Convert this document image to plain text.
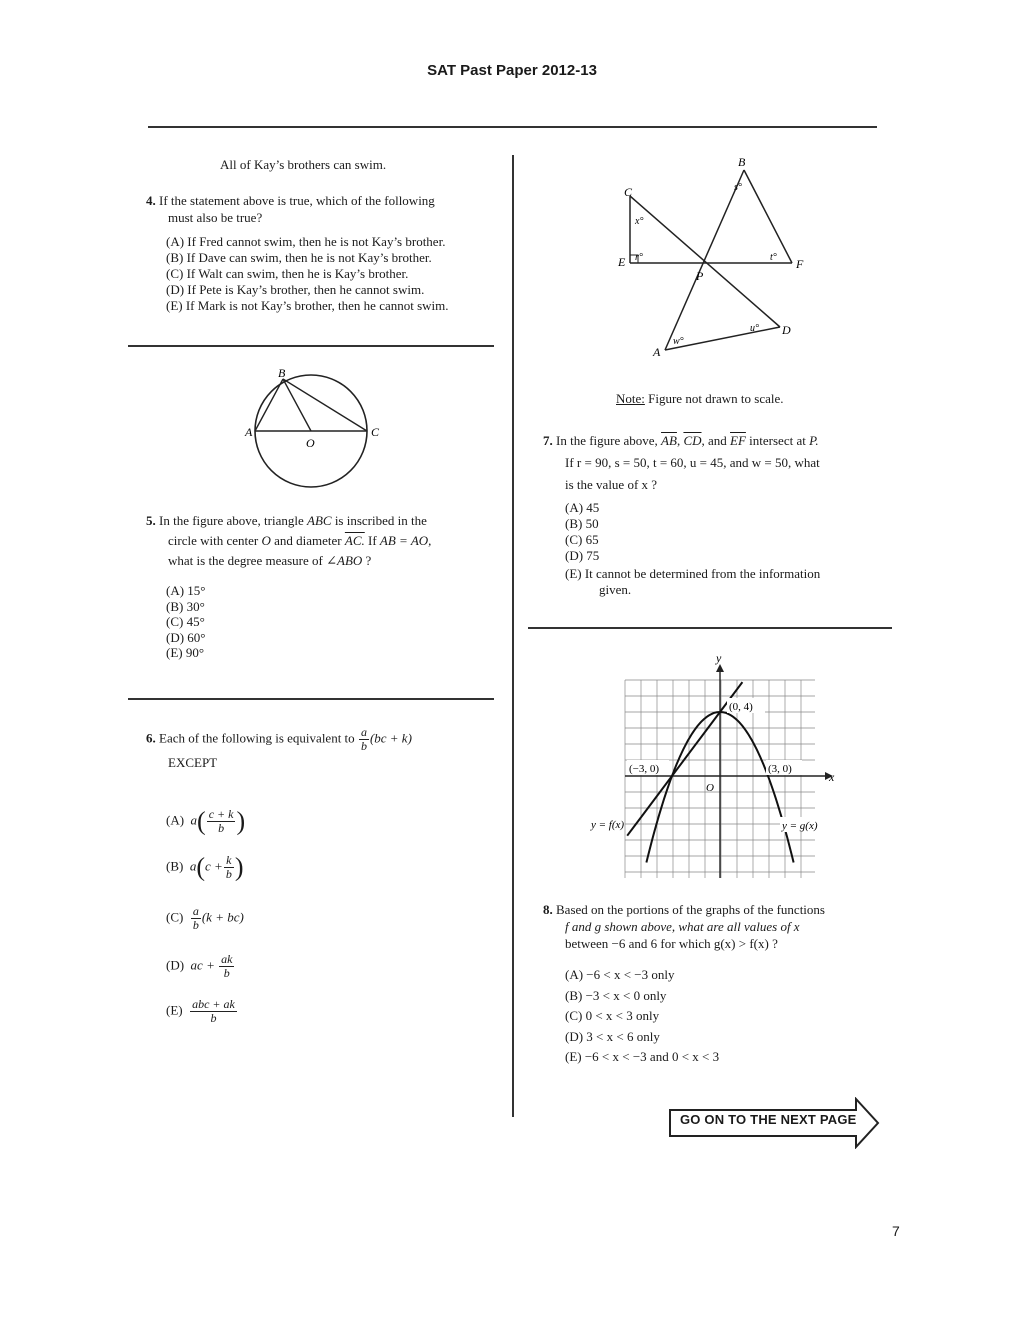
SAT Past Paper 2012-13
All of Kay’s brothers can swim.
4. If the statement above is true, which of the following
must also be true?
(A) If Fred cannot swim, then he is not Kay’s brother.
(B) If Dave can swim, then he is not Kay’s brother.
(C) If Walt can swim, then he is Kay’s brother.
(D) If Pete is Kay’s brother, then he cannot swim.
(E) If Mark is not Kay’s brother, then he cannot swim.
B
A
O
C
5. In the figure above, triangle ABC is inscribed in the
circle with center O and diameter AC. If AB = AO,
what is the degree measure of ∠ABO ?
(A) 15°
(B) 30°
(C) 45°
(D) 60°
(E) 90°
6. Each of the following is equivalent to $\frac{a}{b} (bc + k)$
EXCEPT
(A) $a( \frac{c + k}{b}$ )
(B) $a(c + \frac{k}{b}$ )
$(C) \frac{a}{b} (k + bc)$
(D) ac + $\frac{ak}{b}$
$(E) \frac{\text{abc + ak}}{b}$
B
s°
C
x°
E r°	t° F
P
w°
u°
A
D
Note: Figure not drawn to scale.
7. In the figure above, $\overline{AB}$, $\overline{CD}$, and $\overline{EF}$ intersect at P.
If r = 90, s = 50, t = 60, u = 45, and w = 50, what
is the value of x ?
(A) 45
(B) 50
(C) 65
(D) 75
(E) It cannot be determined from the information
given.
y
x
O
(0, 4)
(−3, 0)	(3, 0)
y = f(x)	y = g(x)
8. Based on the portions of the graphs of the functions
f and g shown above, what are all values of x
between −6 and 6 for which g(x) > f(x) ?
(A) −6 < x < −3 only
(B) −3 < x < 0 only
(C) 0 < x < 3 only
(D) 3 < x < 6 only
(E) −6 < x < −3 and 0 < x < 3
GO ON TO THE NEXT PAGE
7
